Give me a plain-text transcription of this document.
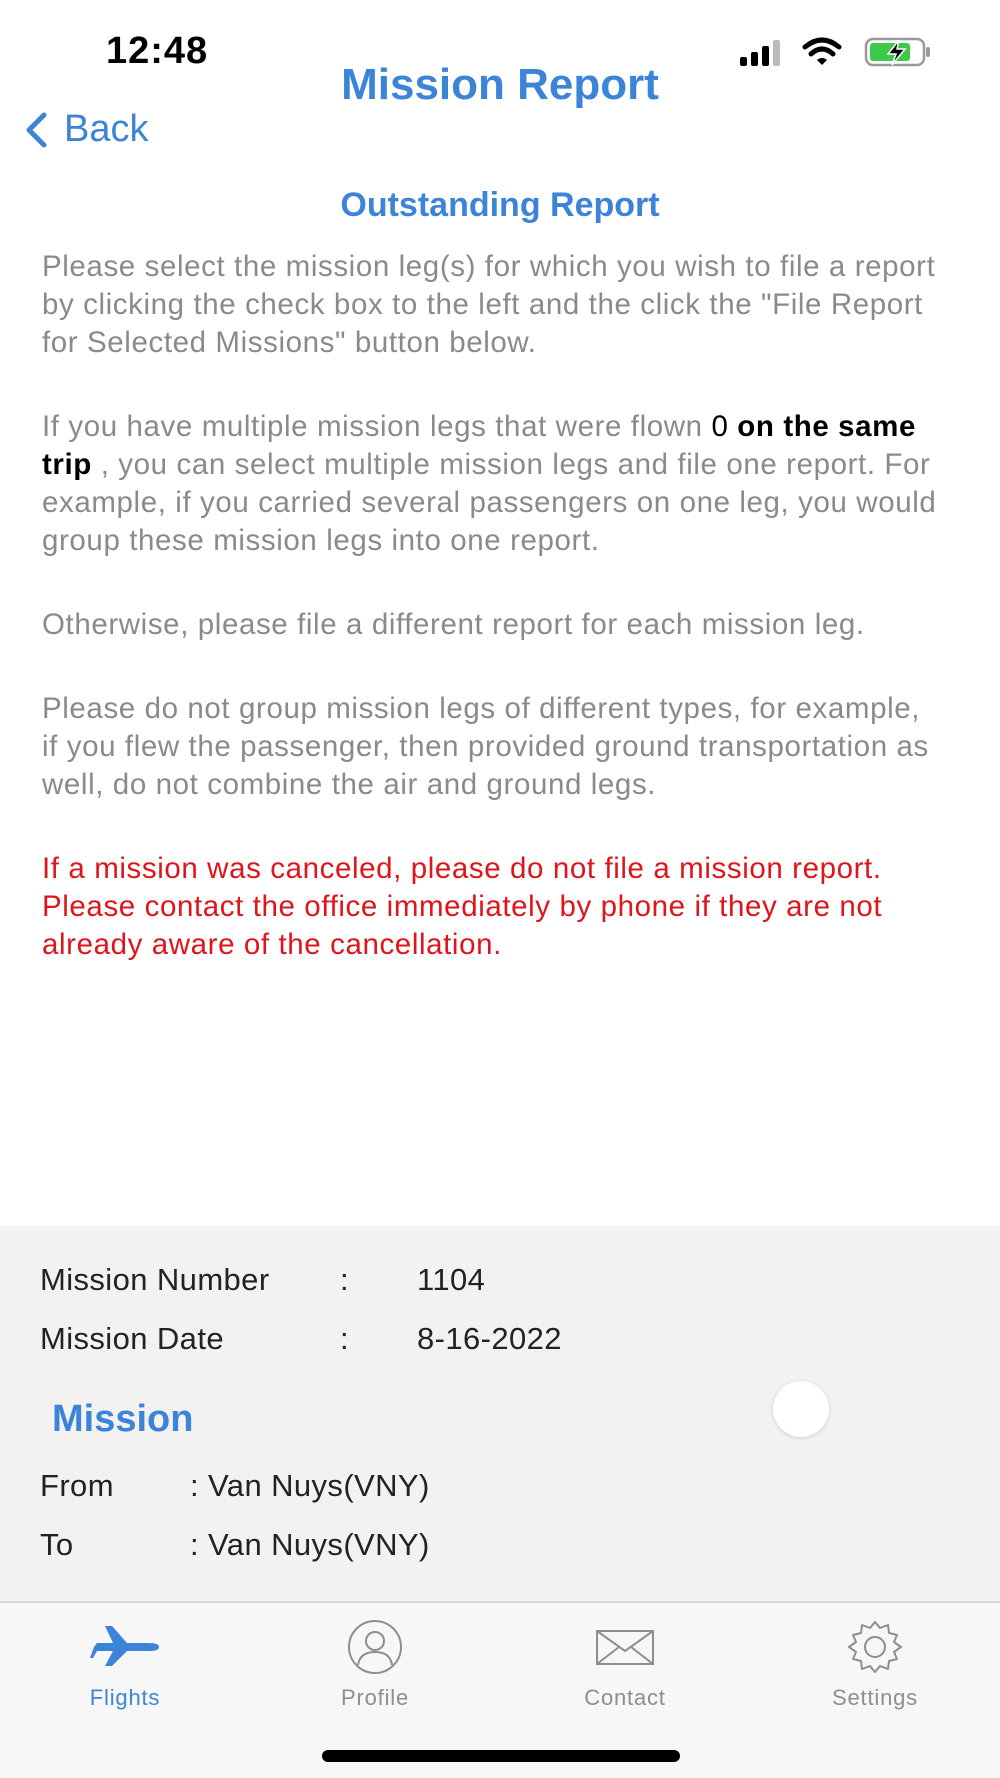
12:48
Mission Report
Back
Outstanding Report

Please select the mission leg(s) for which you wish to file a report by clicking the check box to the left and the click the "File Report for Selected Missions" button below.

If you have multiple mission legs that were flown 0 on the same trip , you can select multiple mission legs and file one report. For example, if you carried several passengers on one leg, you would group these mission legs into one report.

Otherwise, please file a different report for each mission leg.

Please do not group mission legs of different types, for example, if you flew the passenger, then provided ground transportation as well, do not combine the air and ground legs.

If a mission was canceled, please do not file a mission report. Please contact the office immediately by phone if they are not already aware of the cancellation.

Mission Number : 1104
Mission Date	: 8-16-2022
Mission
From : Van Nuys(VNY)
To	: Van Nuys(VNY)
Flights	Profile	Contact	Settings
